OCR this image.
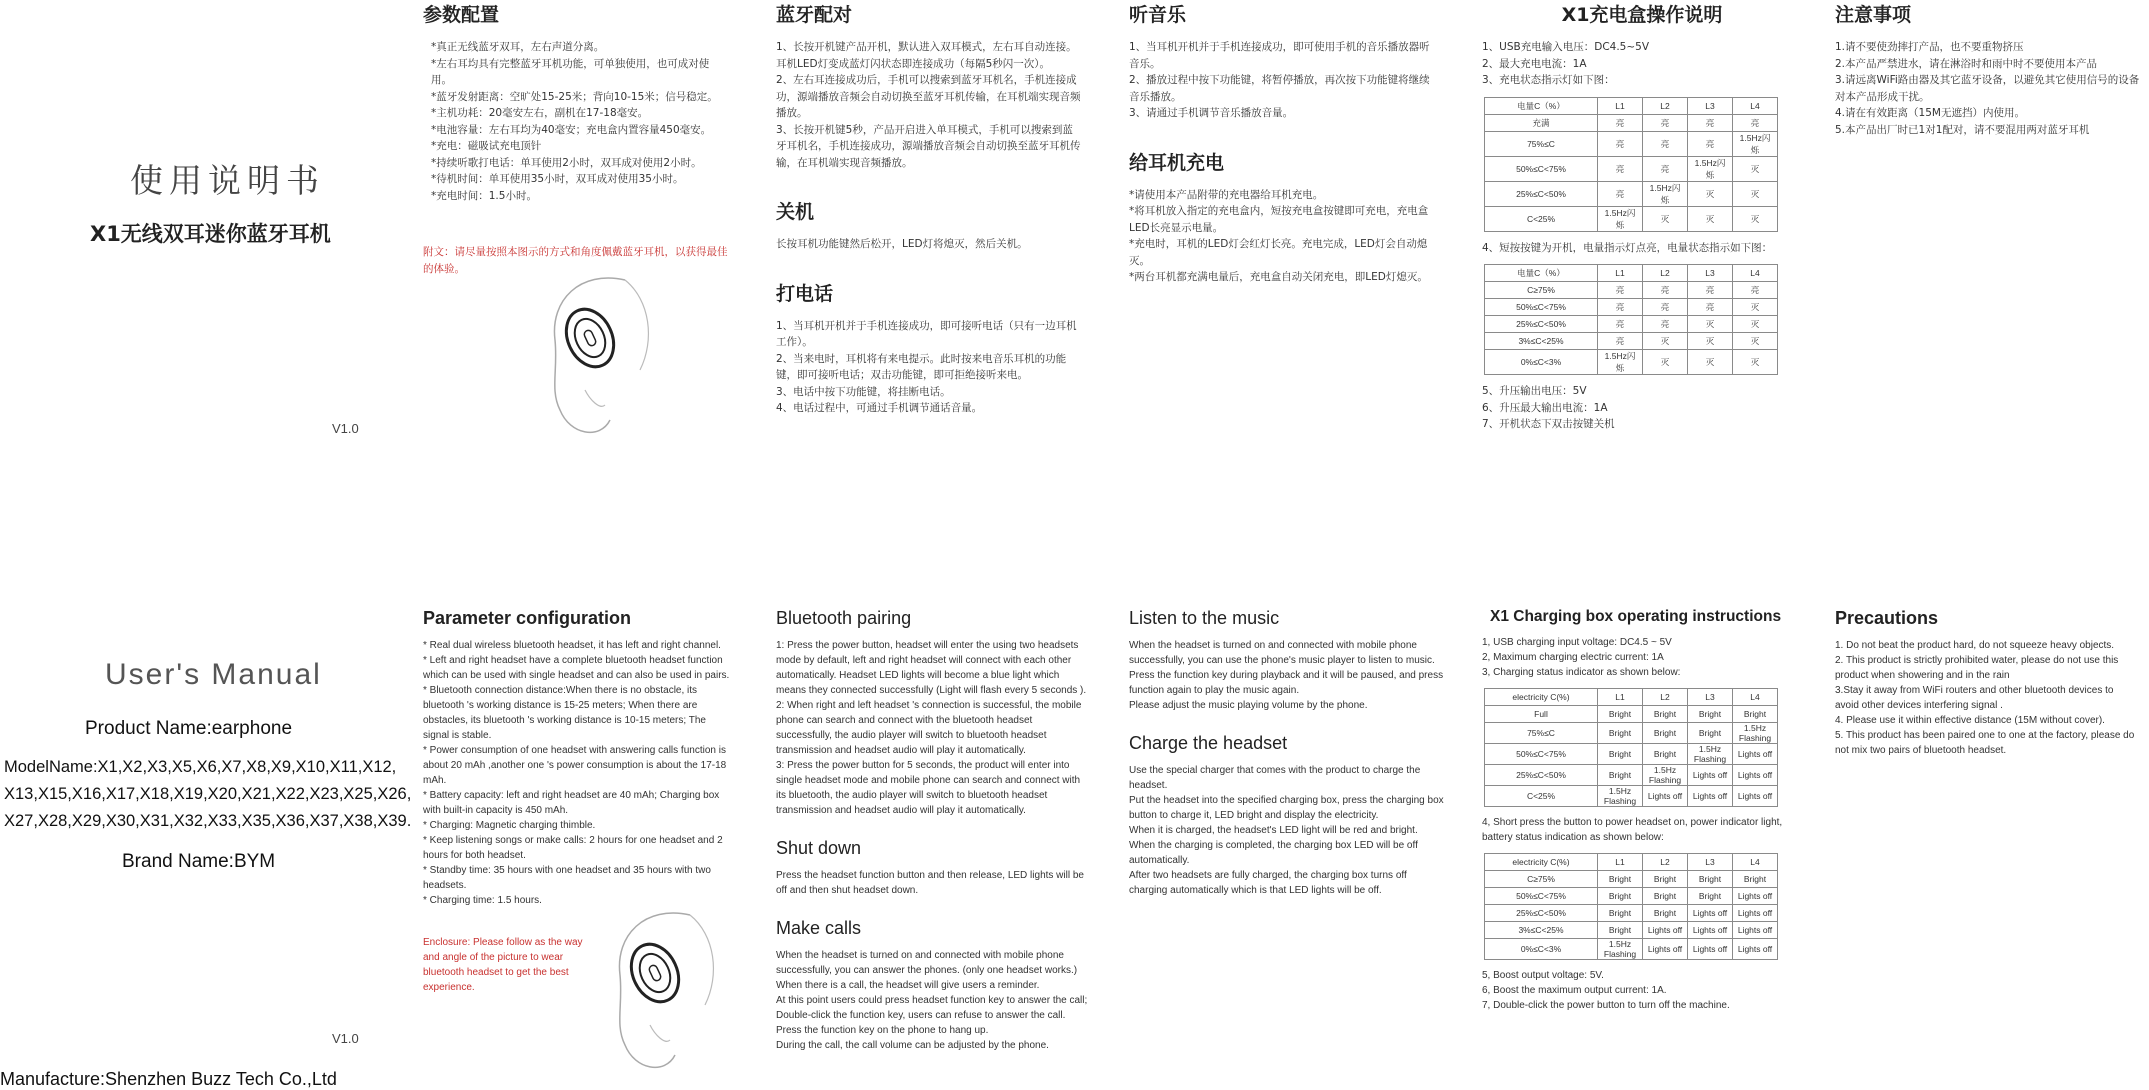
使用说明书
X1无线双耳迷你蓝牙耳机
V1.0
User's Manual
Product Name:earphone
ModelName:X1,X2,X3,X5,X6,X7,X8,X9,X10,X11,X12,
X13,X15,X16,X17,X18,X19,X20,X21,X22,X23,X25,X26,
X27,X28,X29,X30,X31,X32,X33,X35,X36,X37,X38,X39.
Brand Name:BYM
V1.0
Manufacture:Shenzhen Buzz Tech Co.,Ltd
参数配置
*真正无线蓝牙双耳，左右声道分离。
*左右耳均具有完整蓝牙耳机功能，可单独使用，也可成对使用。
*蓝牙发射距离：空旷处15-25米；背向10-15米；信号稳定。
*主机功耗：20毫安左右，副机在17-18毫安。
*电池容量：左右耳均为40毫安；充电盒内置容量450毫安。
*充电：磁吸试充电顶针
*持续听歌打电话：单耳使用2小时，双耳成对使用2小时。
*待机时间：单耳使用35小时，双耳成对使用35小时。
*充电时间：1.5小时。
附文：请尽量按照本图示的方式和角度佩戴蓝牙耳机，以获得最佳的体验。
蓝牙配对
1、长按开机键产品开机，默认进入双耳模式，左右耳自动连接。耳机LED灯变成蓝灯闪状态即连接成功（每隔5秒闪一次）。
2、左右耳连接成功后，手机可以搜索到蓝牙耳机名，手机连接成功，源端播放音频会自动切换至蓝牙耳机传输，在耳机端实现音频播放。
3、长按开机键5秒，产品开启进入单耳模式，手机可以搜索到蓝牙耳机名，手机连接成功，源端播放音频会自动切换至蓝牙耳机传输，在耳机端实现音频播放。
关机
长按耳机功能键然后松开，LED灯将熄灭，然后关机。
打电话
1、当耳机开机并于手机连接成功，即可接听电话（只有一边耳机工作）。
2、当来电时，耳机将有来电提示。此时按来电音乐耳机的功能键，即可接听电话；双击功能键，即可拒绝接听来电。
3、电话中按下功能键，将挂断电话。
4、电话过程中，可通过手机调节通话音量。
听音乐
1、当耳机开机并于手机连接成功，即可使用手机的音乐播放器听音乐。
2、播放过程中按下功能键，将暂停播放，再次按下功能键将继续音乐播放。
3、请通过手机调节音乐播放音量。
给耳机充电
*请使用本产品附带的充电器给耳机充电。
*将耳机放入指定的充电盒内，短按充电盒按键即可充电，充电盒LED长亮显示电量。
*充电时，耳机的LED灯会红灯长亮。充电完成，LED灯会自动熄灭。
*两台耳机都充满电量后，充电盒自动关闭充电，即LED灯熄灭。
X1充电盒操作说明
1、USB充电输入电压：DC4.5~5V
2、最大充电电流：1A
3、充电状态指示灯如下图：
电量C（%）	L1	L2	L3	L4
充满	亮	亮	亮	亮
75%≤C	亮	亮	亮	1.5Hz闪烁
50%≤C<75%	亮	亮	1.5Hz闪烁	灭
25%≤C<50%	亮	1.5Hz闪烁	灭	灭
C<25%	1.5Hz闪烁	灭	灭	灭
4、短按按键为开机，电量指示灯点亮，电量状态指示如下图：
电量C（%）	L1	L2	L3	L4
C≥75%	亮	亮	亮	亮
50%≤C<75%	亮	亮	亮	灭
25%≤C<50%	亮	亮	灭	灭
3%≤C<25%	亮	灭	灭	灭
0%≤C<3%	1.5Hz闪烁	灭	灭	灭
5、升压输出电压：5V
6、升压最大输出电流：1A
7、开机状态下双击按键关机
注意事项
1.请不要使劲摔打产品，也不要重物挤压
2.本产品严禁进水，请在淋浴时和雨中时不要使用本产品
3.请远离WiFi路由器及其它蓝牙设备，以避免其它使用信号的设备对本产品形成干扰。
4.请在有效距离（15M无遮挡）内使用。
5.本产品出厂时已1对1配对，请不要混用两对蓝牙耳机
Parameter configuration
* Real dual wireless bluetooth headset, it has left and right channel.
* Left and right headset have a complete bluetooth headset function which can be used with single headset and can also be used in pairs.
* Bluetooth connection distance:When there is no obstacle, its bluetooth 's working distance is 15-25 meters; When there are obstacles, its bluetooth 's working distance is 10-15 meters; The signal is stable.
* Power consumption of one headset with answering calls function is about 20 mAh ,another one 's power consumption is about the 17-18 mAh.
* Battery capacity: left and right headset are 40 mAh; Charging box with built-in capacity is 450 mAh.
* Charging: Magnetic charging thimble.
* Keep listening songs or make calls: 2 hours for one headset and 2 hours for both headset.
* Standby time: 35 hours with one headset and 35 hours with two headsets.
* Charging time: 1.5 hours.
Enclosure: Please follow as the way and angle of the picture to wear bluetooth headset to get the best experience.
Bluetooth pairing
1: Press the power button, headset will enter the using two headsets mode by default, left and right headset will connect with each other automatically. Headset LED lights will become a blue light which means they connected successfully (Light will flash every 5 seconds ).
2: When right and left headset 's connection is successful, the mobile phone can search and connect with the bluetooth headset successfully, the audio player will switch to bluetooth headset transmission and headset audio will play it automatically.
3: Press the power button for 5 seconds, the product will enter into single headset mode and mobile phone can search and connect with its bluetooth, the audio player will switch to bluetooth headset transmission and headset audio will play it automatically.
Shut down
Press the headset function button and then release, LED lights will be off and then shut headset down.
Make calls
When the headset is turned on and connected with mobile phone successfully, you can answer the phones. (only one headset works.)
When there is a call, the headset will give users a reminder.
At this point users could press headset function key to answer the call; Double-click the function key, users can refuse to answer the call. Press the function key on the phone to hang up.
During the call, the call volume can be adjusted by the phone.
Listen to the music
When the headset is turned on and connected with mobile phone successfully, you can use the phone's music player to listen to music.
Press the function key during playback and it will be paused, and press function again to play the music again.
Please adjust the music playing volume by the phone.
Charge the headset
Use the special charger that comes with the product to charge the headset.
Put the headset into the specified charging box, press the charging box button to charge it, LED bright and display the electricity.
When it is charged, the headset's LED light will be red and bright.
When the charging is completed, the charging box LED will be off automatically.
After two headsets are fully charged, the charging box turns off charging automatically which is that LED lights will be off.
X1 Charging box operating instructions
1, USB charging input voltage: DC4.5 ~ 5V
2, Maximum charging electric current: 1A
3, Charging status indicator as shown below:
electricity C(%)	L1	L2	L3	L4
Full	Bright	Bright	Bright	Bright
75%≤C	Bright	Bright	Bright	1.5Hz Flashing
50%≤C<75%	Bright	Bright	1.5Hz Flashing	Lights off
25%≤C<50%	Bright	1.5Hz Flashing	Lights off	Lights off
C<25%	1.5Hz Flashing	Lights off	Lights off	Lights off
4, Short press the button to power headset on, power indicator light, battery status indication as shown below:
electricity C(%)	L1	L2	L3	L4
C≥75%	Bright	Bright	Bright	Bright
50%≤C<75%	Bright	Bright	Bright	Lights off
25%≤C<50%	Bright	Bright	Lights off	Lights off
3%≤C<25%	Bright	Lights off	Lights off	Lights off
0%≤C<3%	1.5Hz Flashing	Lights off	Lights off	Lights off
5, Boost output voltage: 5V.
6, Boost the maximum output current: 1A.
7, Double-click the power button to turn off the machine.
Precautions
1. Do not beat the product hard, do not squeeze heavy objects.
2. This product is strictly prohibited water, please do not use this product when showering and in the rain
3.Stay it away from WiFi routers and other bluetooth devices to avoid other devices interfering signal .
4. Please use it within effective distance (15M without cover).
5. This product has been paired one to one at the factory, please do not mix two pairs of bluetooth headset.
